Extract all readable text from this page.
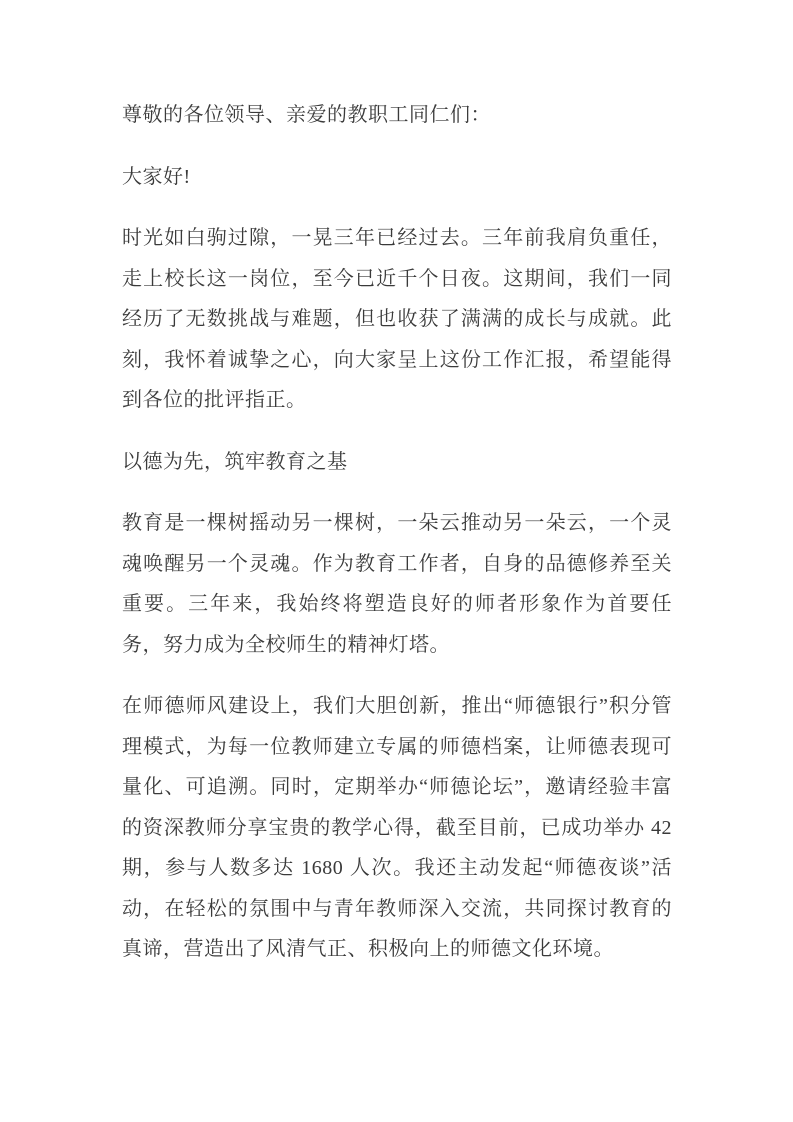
尊敬的各位领导、亲爱的教职工同仁们：
大家好!
时光如白驹过隙，一晃三年已经过去。三年前我肩负重任，走上校长这一岗位，至今已近千个日夜。这期间，我们一同经历了无数挑战与难题，但也收获了满满的成长与成就。此刻，我怀着诚挚之心，向大家呈上这份工作汇报，希望能得到各位的批评指正。
以德为先，筑牢教育之基
教育是一棵树摇动另一棵树，一朵云推动另一朵云，一个灵魂唤醒另一个灵魂。作为教育工作者，自身的品德修养至关重要。三年来，我始终将塑造良好的师者形象作为首要任务，努力成为全校师生的精神灯塔。
在师德师风建设上，我们大胆创新，推出“师德银行”积分管理模式，为每一位教师建立专属的师德档案，让师德表现可量化、可追溯。同时，定期举办“师德论坛”，邀请经验丰富的资深教师分享宝贵的教学心得，截至目前，已成功举办 42 期，参与人数多达 1680 人次。我还主动发起“师德夜谈”活动，在轻松的氛围中与青年教师深入交流，共同探讨教育的真谛，营造出了风清气正、积极向上的师德文化环境。
